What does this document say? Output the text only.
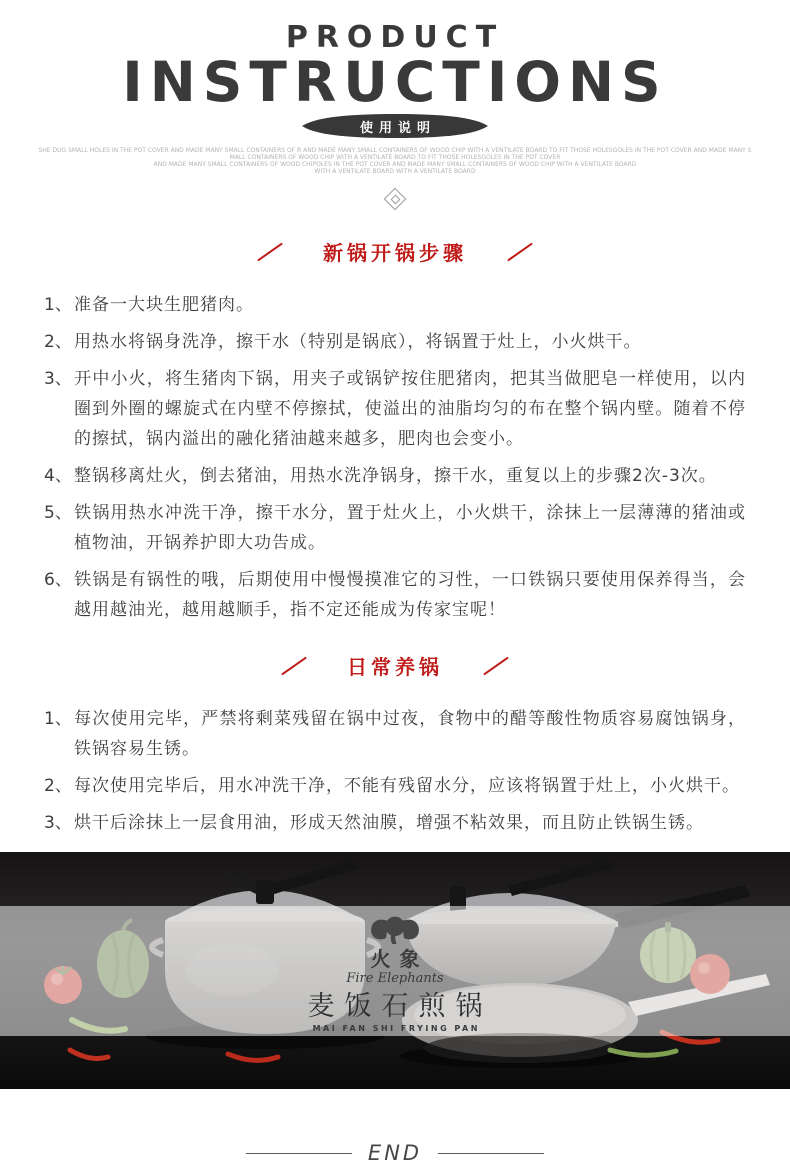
PRODUCT
INSTRUCTIONS
使用说明
SHE DUG SMALL HOLES IN THE POT COVER AND MADE MANY SMALL CONTAINERS OF R AND MADE MANY SMALL CONTAINERS OF WOOD CHIP WITH A VENTILATE BOARD TO FIT THOSE HOLESGOLES IN THE POT COVER AND MADE MANY S
MALL CONTAINERS OF WOOD CHIP WITH A VENTILATE BOARD TO FIT THOSE HOLESGOLES IN THE POT COVER
AND MADE MANY SMALL CONTAINERS OF WOOD CHIPOLES IN THE POT COVER AND MADE MANY SMALL CONTAINERS OF WOOD CHIP WITH A VENTILATE BOARD
WITH A VENTILATE BOARD WITH A VENTILATE BOARD
新锅开锅步骤
1、 准备一大块生肥猪肉。
2、 用热水将锅身洗净，擦干水（特别是锅底），将锅置于灶上，小火烘干。
3、 开中小火，将生猪肉下锅，用夹子或锅铲按住肥猪肉，把其当做肥皂一样使用，以内圈到外圈的螺旋式在内壁不停擦拭，使溢出的油脂均匀的布在整个锅内壁。随着不停的擦拭，锅内溢出的融化猪油越来越多，肥肉也会变小。
4、 整锅移离灶火，倒去猪油，用热水洗净锅身，擦干水，重复以上的步骤2次-3次。
5、 铁锅用热水冲洗干净，擦干水分，置于灶火上，小火烘干，涂抹上一层薄薄的猪油或植物油，开锅养护即大功告成。
6、 铁锅是有锅性的哦，后期使用中慢慢摸准它的习性，一口铁锅只要使用保养得当，会越用越油光，越用越顺手，指不定还能成为传家宝呢！
日常养锅
1、 每次使用完毕，严禁将剩菜残留在锅中过夜，食物中的醋等酸性物质容易腐蚀锅身，铁锅容易生锈。
2、 每次使用完毕后，用水冲洗干净，不能有残留水分，应该将锅置于灶上，小火烘干。
3、 烘干后涂抹上一层食用油，形成天然油膜，增强不粘效果，而且防止铁锅生锈。
火象
Fire Elephants
麦饭石煎锅
MAI FAN SHI FRYING PAN
END
